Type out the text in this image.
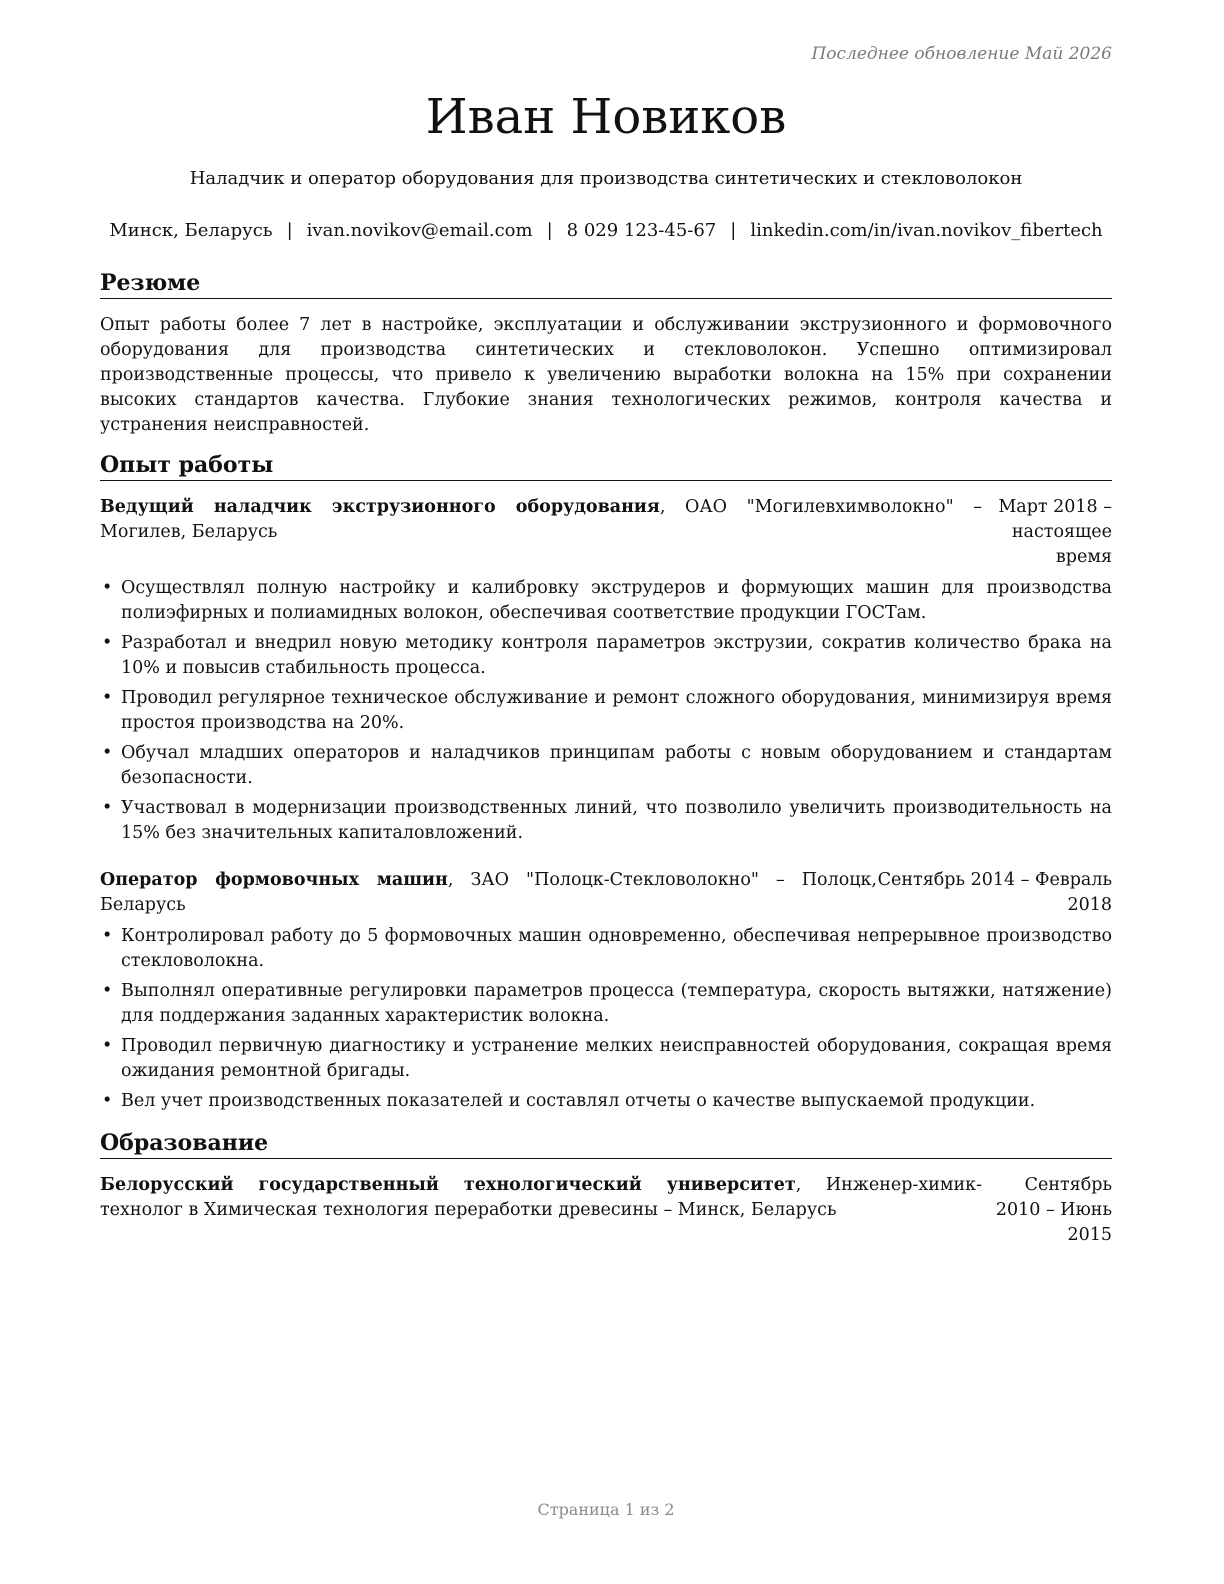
Последнее обновление Май 2026
Иван Новиков
Наладчик и оператор оборудования для производства синтетических и стекловолокон
Минск, Беларусь | ivan.novikov@email.com | 8 029 123-45-67 | linkedin.com/in/ivan.novikov_fibertech
Резюме

Опыт работы более 7 лет в настройке, эксплуатации и обслуживании экструзионного и формовочного оборудования для производства синтетических и стекловолокон. Успешно оптимизировал производственные процессы, что привело к увеличению выработки волокна на 15% при сохранении высоких стандартов качества. Глубокие знания технологических режимов, контроля качества и устранения неисправностей.

Опыт работы
Ведущий наладчик экструзионного оборудования, ОАО "Могилевхимволокно" – Могилев, Беларусь
Март 2018 – настоящее время
• Осуществлял полную настройку и калибровку экструдеров и формующих машин для производства полиэфирных и полиамидных волокон, обеспечивая соответствие продукции ГОСТам.
• Разработал и внедрил новую методику контроля параметров экструзии, сократив количество брака на 10% и повысив стабильность процесса.
• Проводил регулярное техническое обслуживание и ремонт сложного оборудования, минимизируя время простоя производства на 20%.
• Обучал младших операторов и наладчиков принципам работы с новым оборудованием и стандартам безопасности.
• Участвовал в модернизации производственных линий, что позволило увеличить производительность на 15% без значительных капиталовложений.
Оператор формовочных машин, ЗАО "Полоцк-Стекловолокно" – Полоцк, Беларусь
Сентябрь 2014 – Февраль 2018
• Контролировал работу до 5 формовочных машин одновременно, обеспечивая непрерывное производство стекловолокна.
• Выполнял оперативные регулировки параметров процесса (температура, скорость вытяжки, натяжение) для поддержания заданных характеристик волокна.
• Проводил первичную диагностику и устранение мелких неисправностей оборудования, сокращая время ожидания ремонтной бригады.
• Вел учет производственных показателей и составлял отчеты о качестве выпускаемой продукции.
Образование
Белорусский государственный технологический университет, Инженер-химик-технолог в Химическая технология переработки древесины – Минск, Беларусь
Сентябрь 2010 – Июнь 2015
Страница 1 из 2
